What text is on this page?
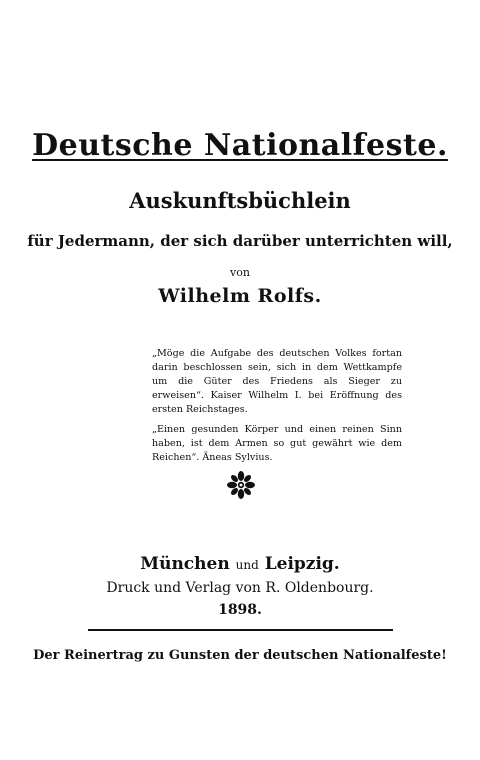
Deutsche Nationalfeste.
Auskunftsbüchlein
für Jedermann, der sich darüber unterrichten will,
von
Wilhelm Rolfs.

„Möge die Aufgabe des deutschen Volkes fortan darin beschlossen sein, sich in dem Wettkampfe um die Güter des Friedens als Sieger zu erweisen“. Kaiser Wilhelm I. bei Eröffnung des ersten Reichstages.

„Einen gesunden Körper und einen reinen Sinn haben, ist dem Armen so gut gewährt wie dem Reichen“. Äneas Sylvius.

München und Leipzig.
Druck und Verlag von R. Oldenbourg.
1898.
Der Reinertrag zu Gunsten der deutschen Nationalfeste!
